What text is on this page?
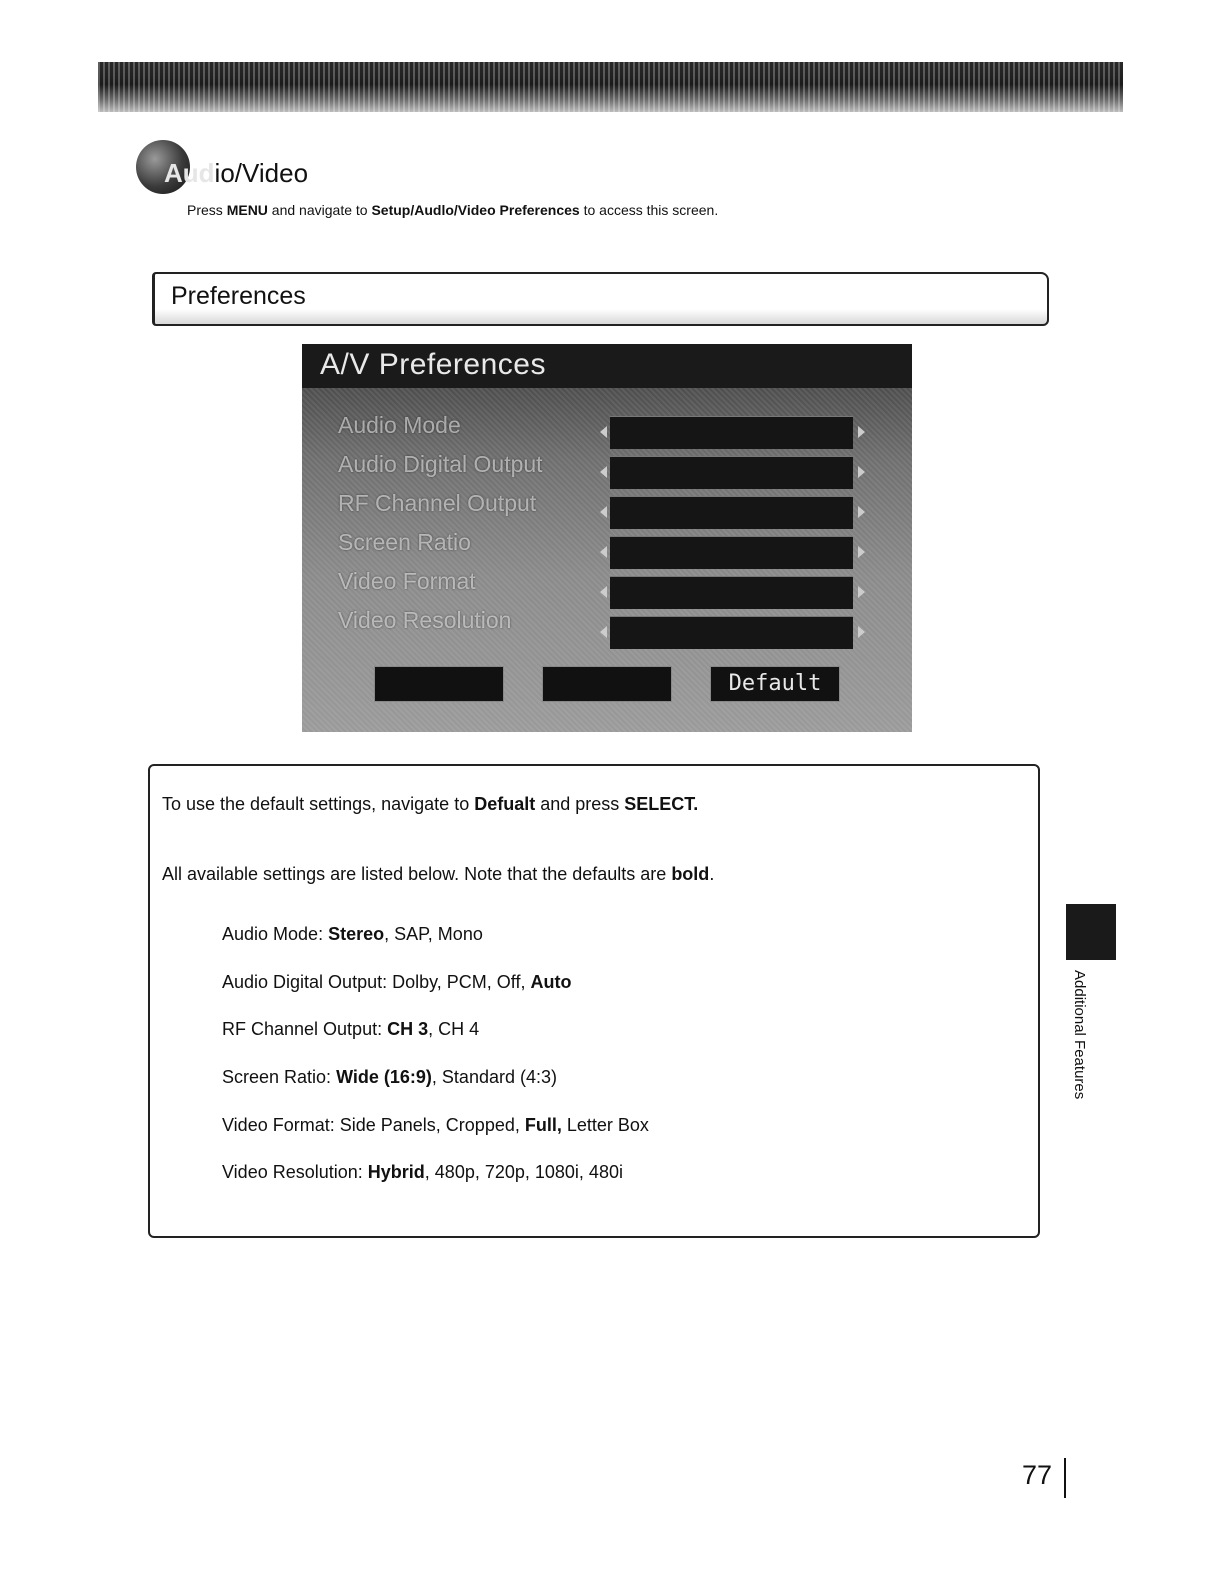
Audio/Video
Press MENU and navigate to Setup/Audlo/Video Preferences to access this screen.
Preferences
A/V Preferences
Audio Mode
Audio Digital Output
RF Channel Output
Screen Ratio
Video Format
Video Resolution
Default
To use the default settings, navigate to Defualt and press SELECT.
All available settings are listed below. Note that the defaults are bold.
Audio Mode: Stereo, SAP, Mono
Audio Digital Output: Dolby, PCM, Off, Auto
RF Channel Output: CH 3, CH 4
Screen Ratio: Wide (16:9), Standard (4:3)
Video Format: Side Panels, Cropped, Full, Letter Box
Video Resolution: Hybrid, 480p, 720p, 1080i, 480i
Additional Features
77
